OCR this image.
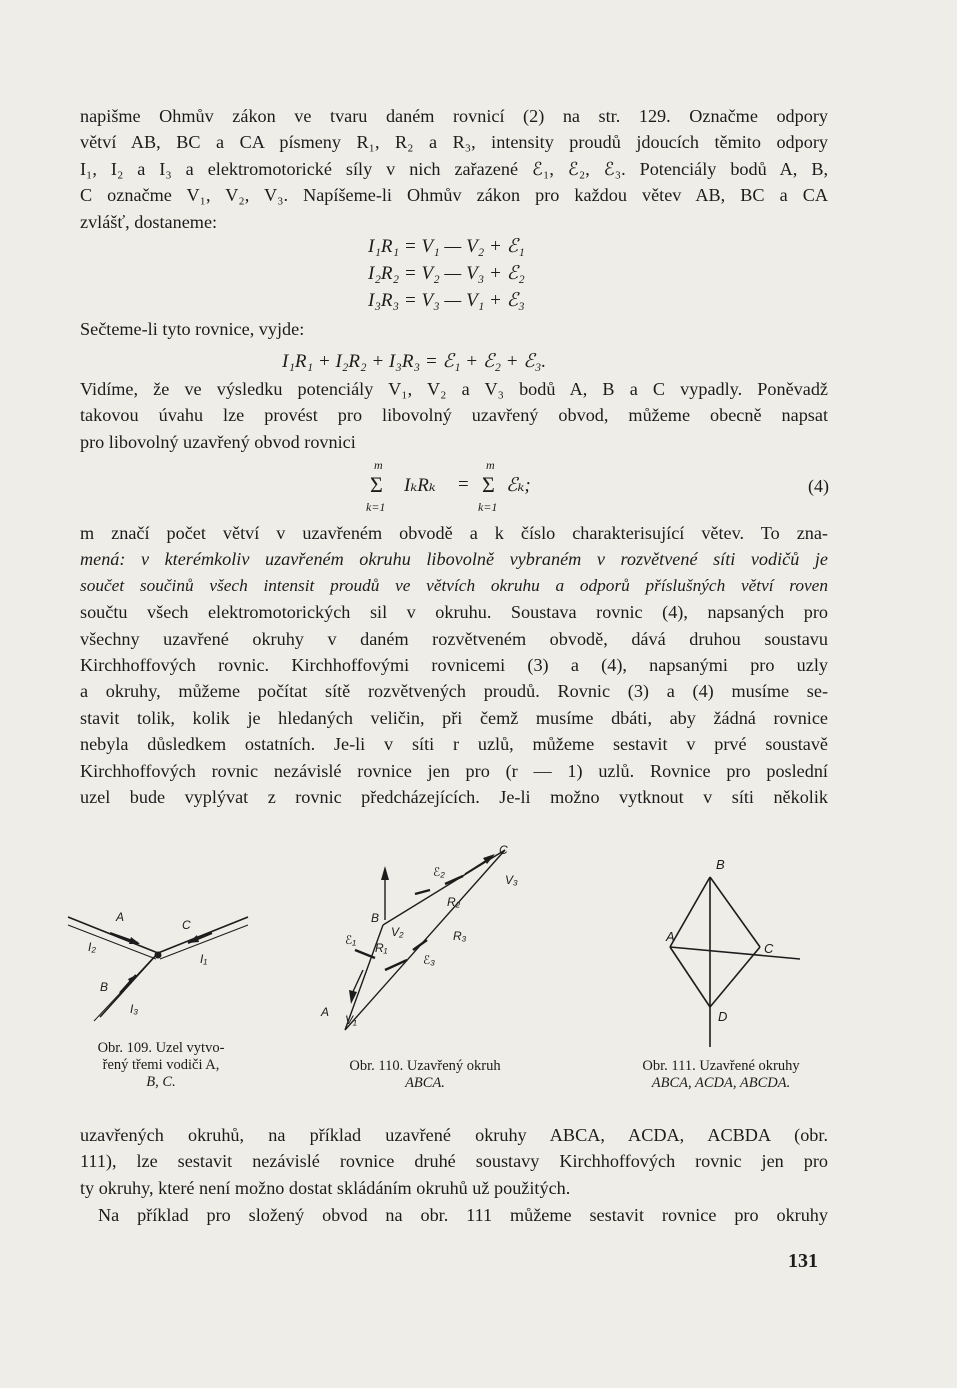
napišme Ohmův zákon ve tvaru daném rovnicí (2) na str. 129. Označme odpory
větví AB, BC a CA písmeny R₁, R₂ a R₃, intensity proudů jdoucích těmito odpory
I₁, I₂ a I₃ a elektromotorické síly v nich zařazené ℰ₁, ℰ₂, ℰ₃. Potenciály bodů A, B,
C označme V₁, V₂, V₃. Napíšeme-li Ohmův zákon pro každou větev AB, BC a CA
zvlášť, dostaneme:
I₁R₁ = V₁ — V₂ + ℰ₁
I₂R₂ = V₂ — V₃ + ℰ₂
I₃R₃ = V₃ — V₁ + ℰ₃
Sečteme-li tyto rovnice, vyjde:
I₁R₁ + I₂R₂ + I₃R₃ = ℰ₁ + ℰ₂ + ℰ₃.
Vidíme, že ve výsledku potenciály V₁, V₂ a V₃ bodů A, B a C vypadly. Poněvadž
takovou úvahu lze provést pro libovolný uzavřený obvod, můžeme obecně napsat
pro libovolný uzavřený obvod rovnici
m
Σ
k=1
IₖRₖ =
m
Σ
k=1
ℰₖ;	(4)
m značí počet větví v uzavřeném obvodě a k číslo charakterisující větev. To zna-
mená: v kterémkoliv uzavřeném okruhu libovolně vybraném v rozvětvené síti vodičů je
součet součinů všech intensit proudů ve větvích okruhu a odporů příslušných větví roven
součtu všech elektromotorických sil v okruhu. Soustava rovnic (4), napsaných pro
všechny uzavřené okruhy v daném rozvětveném obvodě, dává druhou soustavu
Kirchhoffových rovnic. Kirchhoffovými rovnicemi (3) a (4), napsanými pro uzly
a okruhy, můžeme počítat sítě rozvětvených proudů. Rovnic (3) a (4) musíme se-
stavit tolik, kolik je hledaných veličin, při čemž musíme dbáti, aby žádná rovnice
nebyla důsledkem ostatních. Je-li v síti r uzlů, můžeme sestavit v prvé soustavě
Kirchhoffových rovnic nezávislé rovnice jen pro (r — 1) uzlů. Rovnice pro poslední
uzel bude vyplývat z rovnic předcházejících. Je-li možno vytknout v síti několik
A
C
I₂
I₁
B
I₃
Obr. 109. Uzel vytvo-
řený třemi vodiči A,
B, C.
C
ℰ₂
V₃
R₂
B
V₂	R₃
ℰ₁
R₁
ℰ₃
A
V₁
Obr. 110. Uzavřený okruh
ABCA.
B
A
C
D
Obr. 111. Uzavřené okruhy
ABCA, ACDA, ABCDA.
uzavřených okruhů, na příklad uzavřené okruhy ABCA, ACDA, ACBDA (obr.
111), lze sestavit nezávislé rovnice druhé soustavy Kirchhoffových rovnic jen pro
ty okruhy, které není možno dostat skládáním okruhů už použitých.
Na příklad pro složený obvod na obr. 111 můžeme sestavit rovnice pro okruhy
131
